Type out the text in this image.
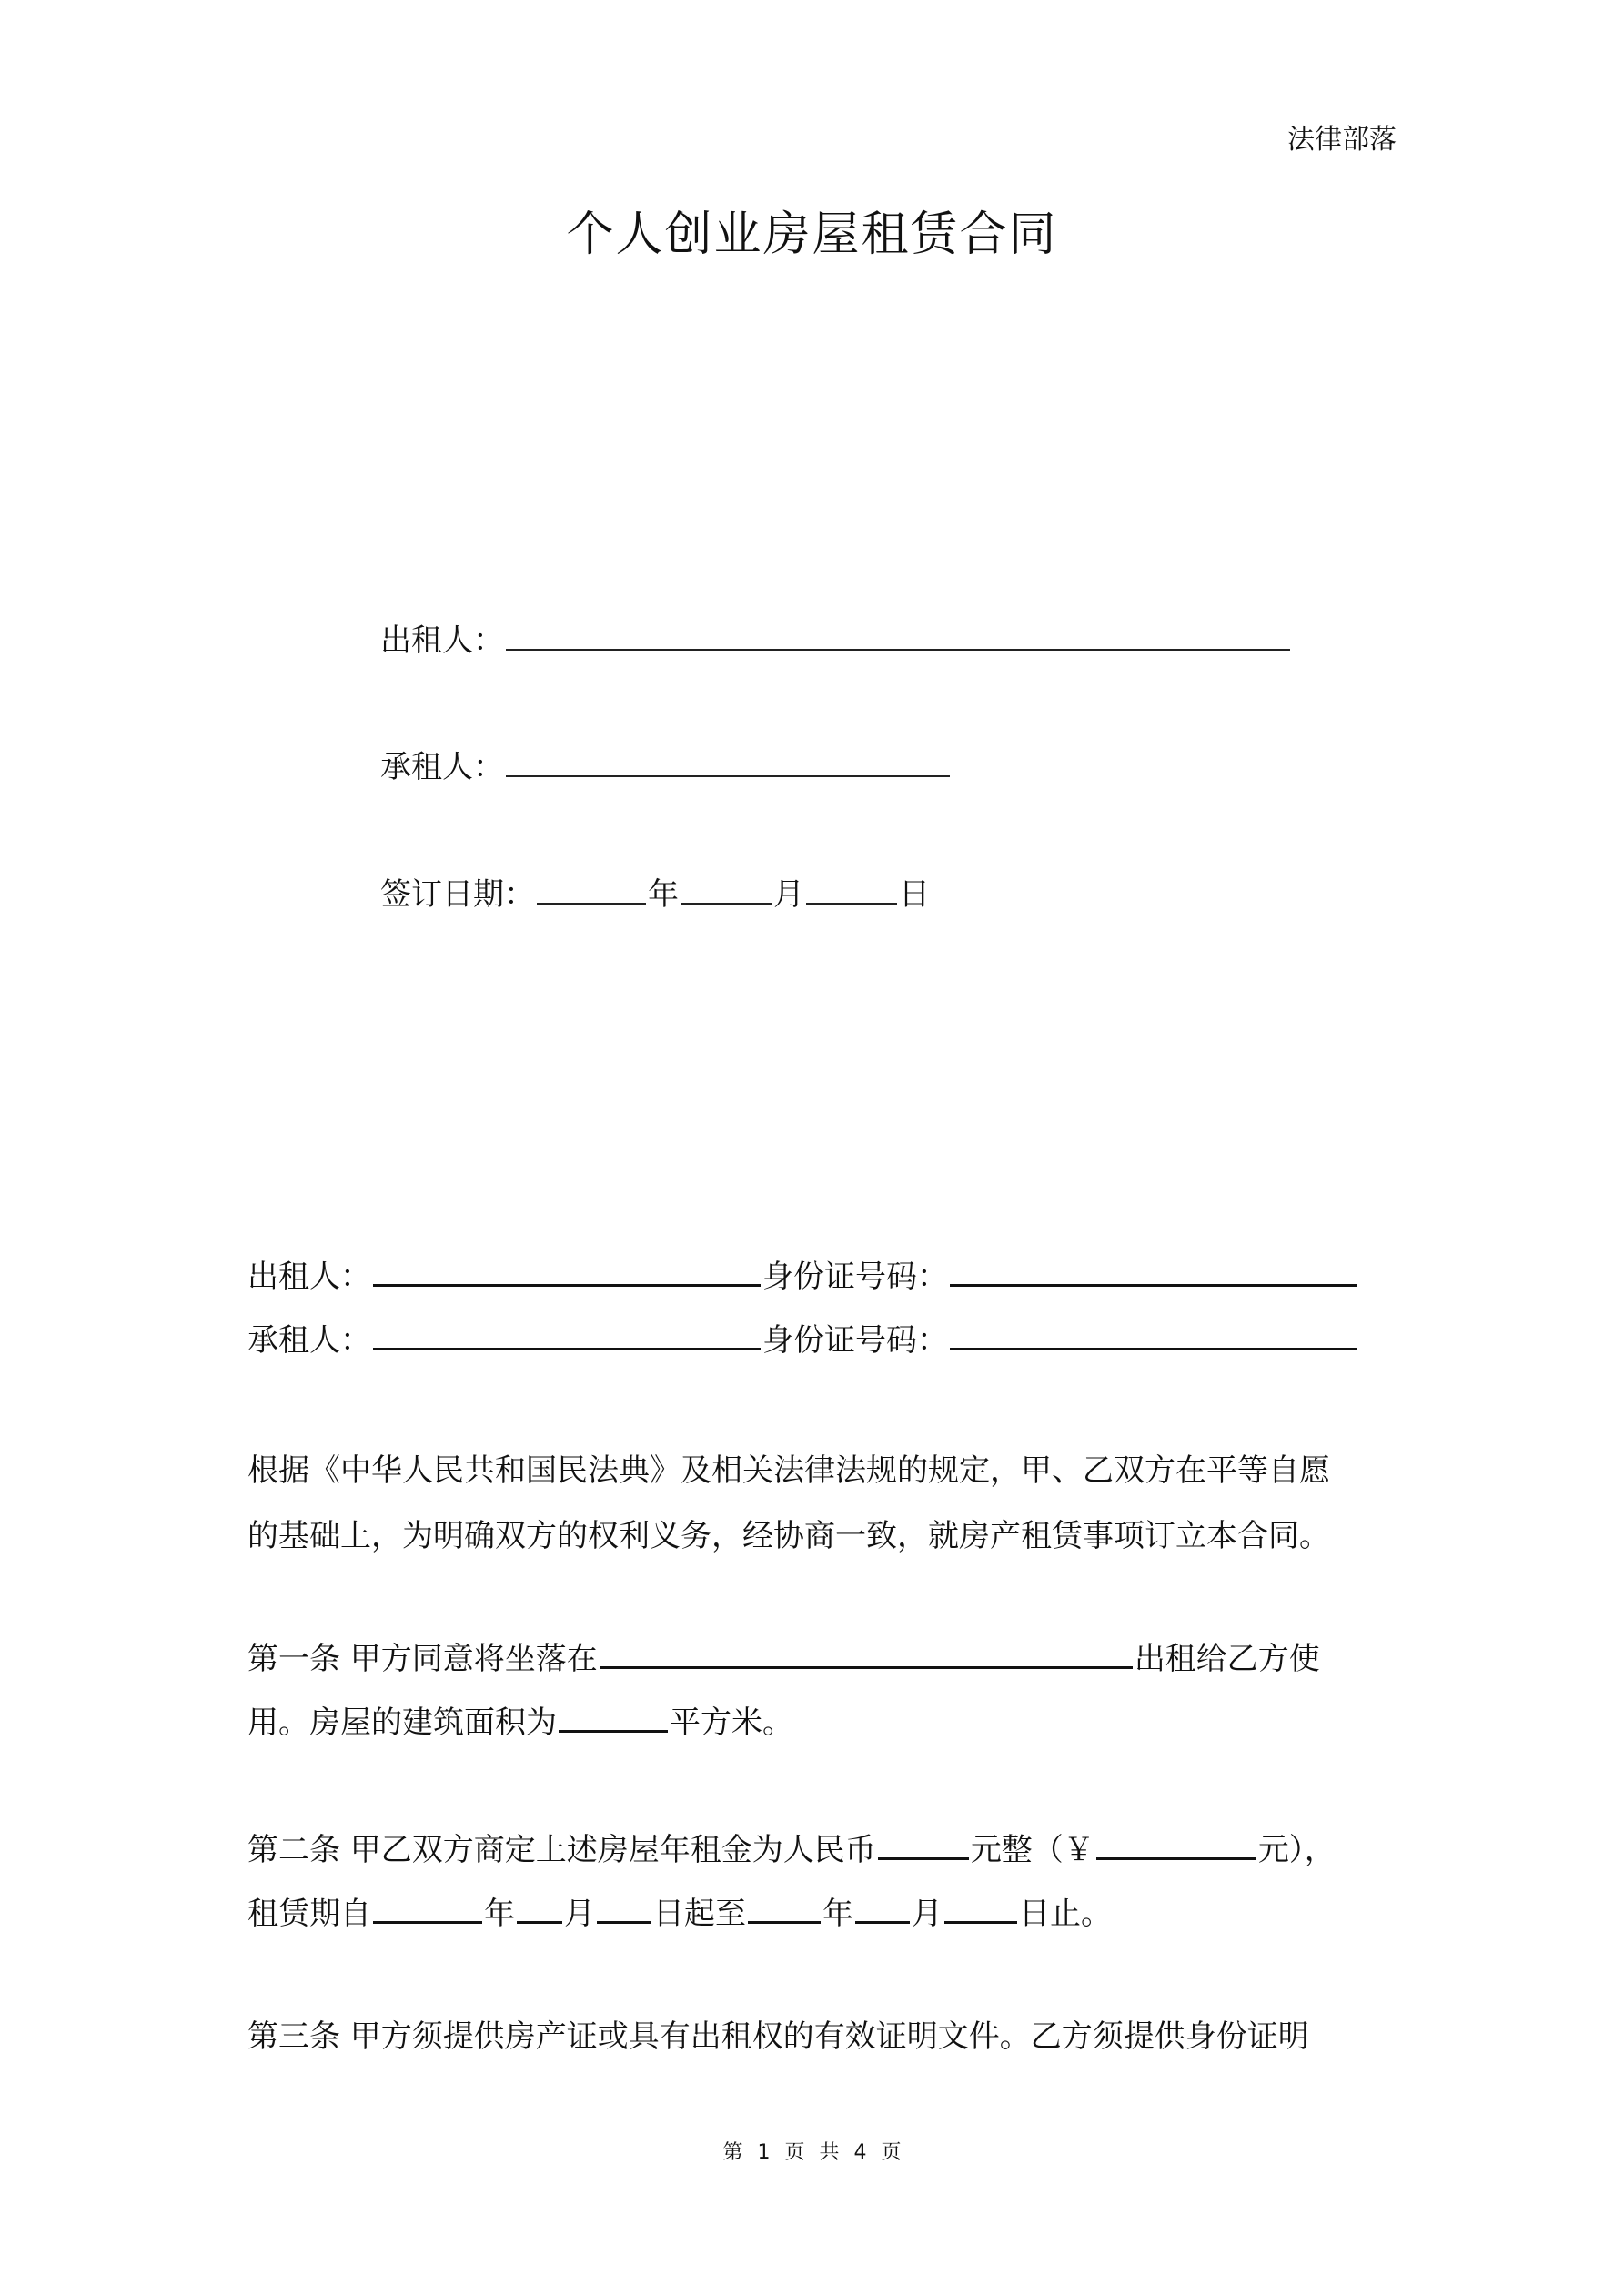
法律部落
个人创业房屋租赁合同
出租人：
承租人：
签订日期：	年	月	日
出租人：	身份证号码：
承租人：	身份证号码：
根据《中华人民共和国民法典》及相关法律法规的规定，甲、乙双方在平等自愿
的基础上，为明确双方的权利义务，经协商一致，就房产租赁事项订立本合同。
第一条 甲方同意将坐落在	出租给乙方使
用。房屋的建筑面积为	平方米。
第二条 甲乙双方商定上述房屋年租金为人民币	元整（￥	元），
租赁期自	年 月 日起至 年 月 日止。
第三条 甲方须提供房产证或具有出租权的有效证明文件。乙方须提供身份证明
第 1 页 共 4 页
